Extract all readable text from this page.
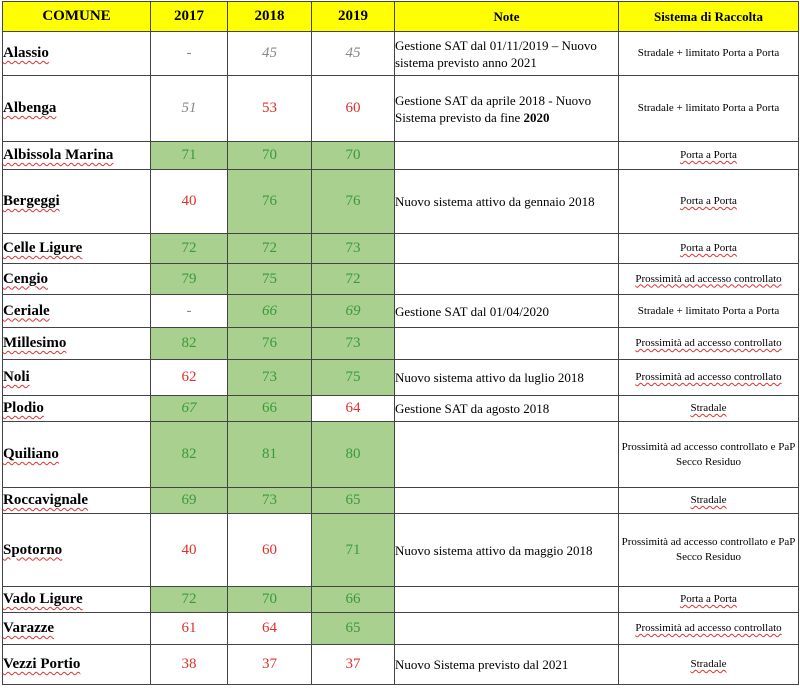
COMUNE	2017	2018	2019	Note	Sistema di Raccolta
Alassio	-	45	45	Gestione SAT dal 01/11/2019 – Nuovo sistema previsto anno 2021	Stradale + limitato Porta a Porta
Albenga	51	53	60	Gestione SAT da aprile 2018 - Nuovo Sistema previsto da fine 2020	Stradale + limitato Porta a Porta
Albissola Marina	71	70	70		Porta a Porta
Bergeggi	40	76	76	Nuovo sistema attivo da gennaio 2018	Porta a Porta
Celle Ligure	72	72	73		Porta a Porta
Cengio	79	75	72		Prossimità ad accesso controllato
Ceriale	-	66	69	Gestione SAT dal 01/04/2020	Stradale + limitato Porta a Porta
Millesimo	82	76	73		Prossimità ad accesso controllato
Noli	62	73	75	Nuovo sistema attivo da luglio 2018	Prossimità ad accesso controllato
Plodio	67	66	64	Gestione SAT da agosto 2018	Stradale
Quiliano	82	81	80		Prossimità ad accesso controllato e PaP Secco Residuo
Roccavignale	69	73	65		Stradale
Spotorno	40	60	71	Nuovo sistema attivo da maggio 2018	Prossimità ad accesso controllato e PaP Secco Residuo
Vado Ligure	72	70	66		Porta a Porta
Varazze	61	64	65		Prossimità ad accesso controllato
Vezzi Portio	38	37	37	Nuovo Sistema previsto dal 2021	Stradale
